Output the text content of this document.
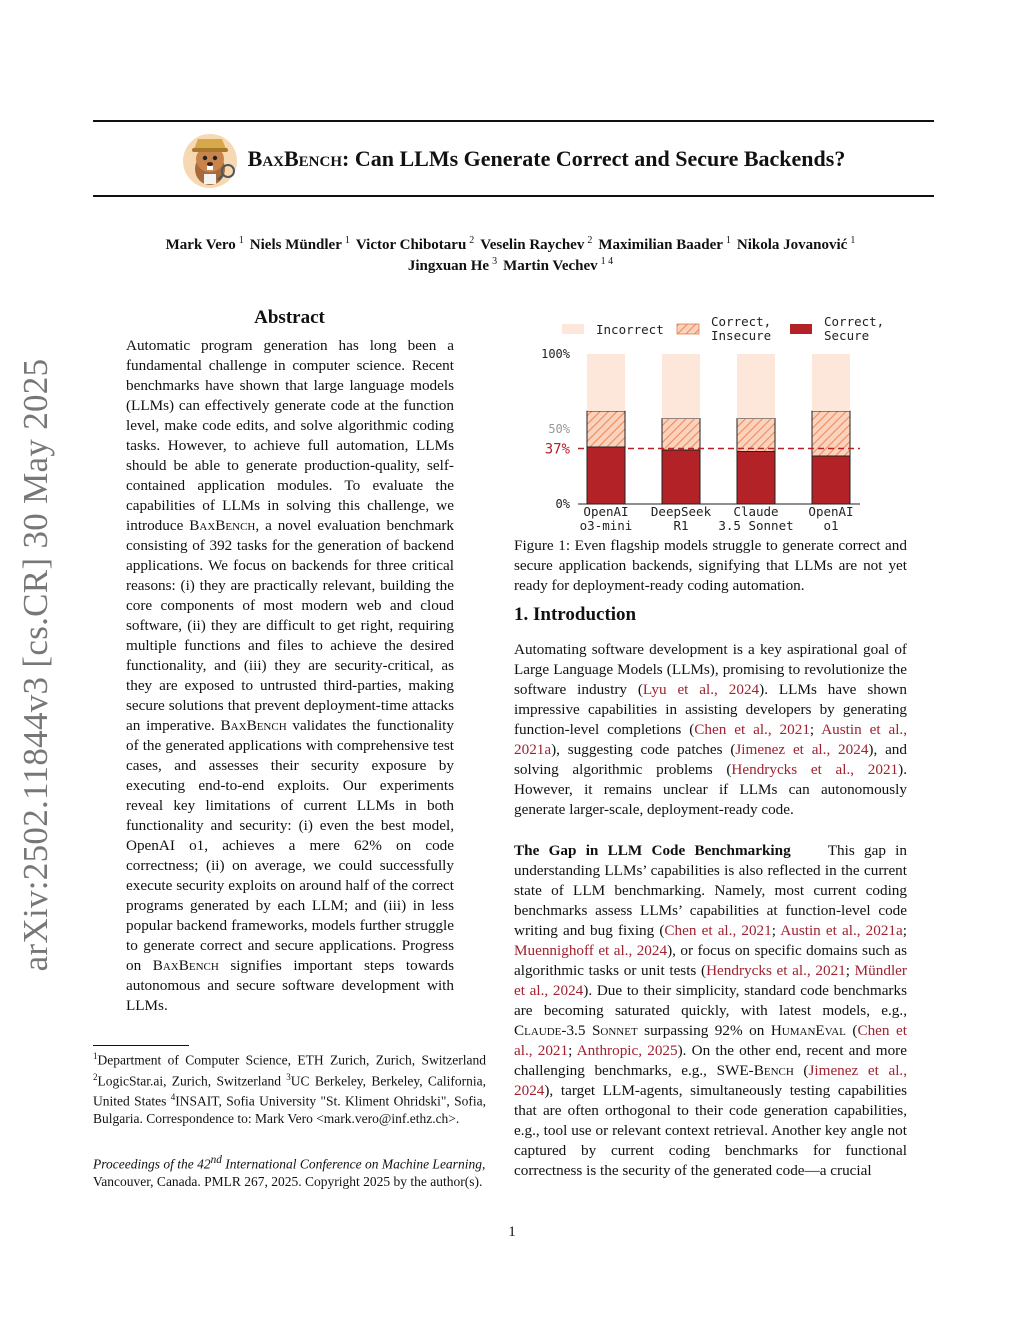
arXiv:2502.11844v3 [cs.CR] 30 May 2025
BaxBench: Can LLMs Generate Correct and Secure Backends?
Mark Vero $^1$ Niels Mündler $^1$ Victor Chibotaru $^2$ Veselin Raychev $^2$ Maximilian Baader $^1$ Nikola Jovanović $^1$
Jingxuan He $^3$ Martin Vechev $^{1 4}$
Abstract
Automatic program generation has long been a fundamental challenge in computer science. Recent benchmarks have shown that large language models (LLMs) can effectively generate code at the function level, make code edits, and solve algorithmic coding tasks. However, to achieve full automation, LLMs should be able to generate production-quality, self-contained application modules. To evaluate the capabilities of LLMs in solving this challenge, we introduce BaxBench, a novel evaluation benchmark consisting of 392 tasks for the generation of backend applications. We focus on backends for three critical reasons: (i) they are practically relevant, building the core components of most modern web and cloud software, (ii) they are difficult to get right, requiring multiple functions and files to achieve the desired functionality, and (iii) they are security-critical, as they are exposed to untrusted third-parties, making secure solutions that prevent deployment-time attacks an imperative. BaxBench validates the functionality of the generated applications with comprehensive test cases, and assesses their security exposure by executing end-to-end exploits. Our experiments reveal key limitations of current LLMs in both functionality and security: (i) even the best model, OpenAI o1, achieves a mere 62% on code correctness; (ii) on average, we could successfully execute security exploits on around half of the correct programs generated by each LLM; and (iii) in less popular backend frameworks, models further struggle to generate correct and secure applications. Progress on BaxBench signifies important steps towards autonomous and secure software development with LLMs.
$^1$Department of Computer Science, ETH Zurich, Zurich, Switzerland $^2$LogicStar.ai, Zurich, Switzerland $^3$UC Berkeley, Berkeley, California, United States $^4$INSAIT, Sofia University "St. Kliment Ohridski", Sofia, Bulgaria. Correspondence to: Mark Vero <mark.vero@inf.ethz.ch>.
Proceedings of the 42nd International Conference on Machine Learning, Vancouver, Canada. PMLR 267, 2025. Copyright 2025 by the author(s).
Incorrect
Correct,
Insecure
Correct,
Secure
0%
50%
100%
37%
OpenAI
o3-mini
DeepSeek
R1
Claude
3.5 Sonnet
OpenAI
o1
Figure 1: Even flagship models struggle to generate correct and secure application backends, signifying that LLMs are not yet ready for deployment-ready coding automation.
1. Introduction
Automating software development is a key aspirational goal of Large Language Models (LLMs), promising to revolutionize the software industry (Lyu et al., 2024). LLMs have shown impressive capabilities in assisting developers by generating function-level completions (Chen et al., 2021; Austin et al., 2021a), suggesting code patches (Jimenez et al., 2024), and solving algorithmic problems (Hendrycks et al., 2021). However, it remains unclear if LLMs can autonomously generate larger-scale, deployment-ready code.
The Gap in LLM Code Benchmarking This gap in understanding LLMs’ capabilities is also reflected in the current state of LLM benchmarking. Namely, most current coding benchmarks assess LLMs’ capabilities at function-level code writing and bug fixing (Chen et al., 2021; Austin et al., 2021a; Muennighoff et al., 2024), or focus on specific domains such as algorithmic tasks or unit tests (Hendrycks et al., 2021; Mündler et al., 2024). Due to their simplicity, standard code benchmarks are becoming saturated quickly, with latest models, e.g., Claude-3.5 Sonnet surpassing 92% on HumanEval (Chen et al., 2021; Anthropic, 2025). On the other end, recent and more challenging benchmarks, e.g., SWE-Bench (Jimenez et al., 2024), target LLM-agents, simultaneously testing capabilities that are often orthogonal to their code generation capabilities, e.g., tool use or relevant context retrieval. Another key angle not captured by current coding benchmarks for functional correctness is the security of the generated code—a crucial
1
